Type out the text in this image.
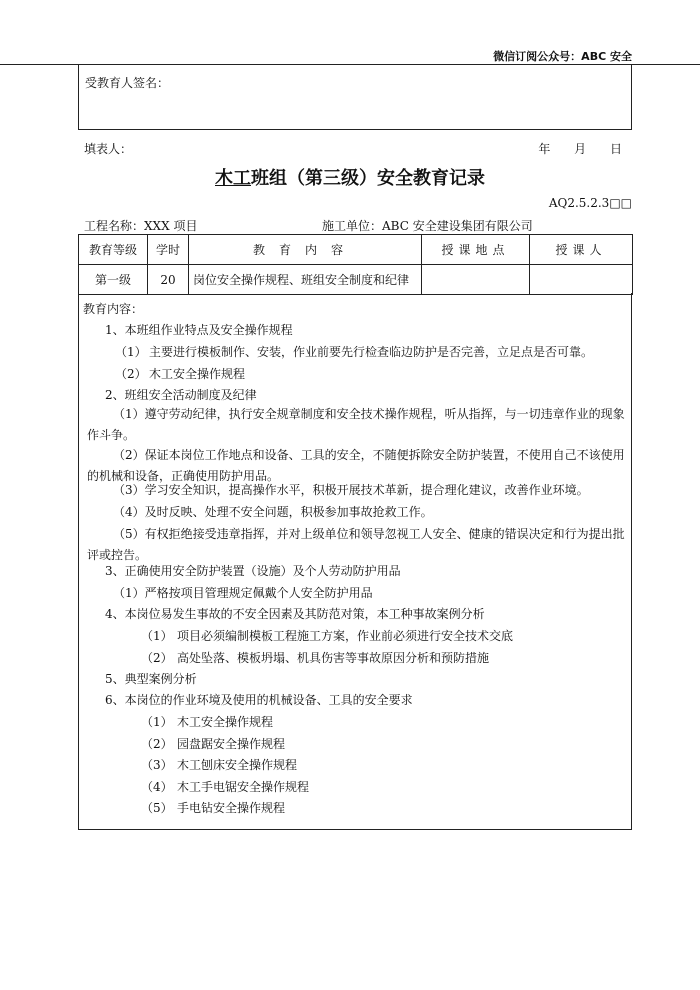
微信订阅公众号：ABC 安全
受教育人签名：
填表人：	年 月 日
木工班组（第三级）安全教育记录
AQ2.5.2.3□□
工程名称：XXX 项目	施工单位：ABC 安全建设集团有限公司
教育等级	学时	教育内容	授课地点	授课人
第一级	20	岗位安全操作规程、班组安全制度和纪律		
教育内容：
1、本班组作业特点及安全操作规程
（1） 主要进行模板制作、安装，作业前要先行检查临边防护是否完善，立足点是否可靠。
（2） 木工安全操作规程
2、班组安全活动制度及纪律
（1）遵守劳动纪律，执行安全规章制度和安全技术操作规程，听从指挥，与一切违章作业的现象作斗争。
（2）保证本岗位工作地点和设备、工具的安全，不随便拆除安全防护装置，不使用自己不该使用的机械和设备，正确使用防护用品。
（3）学习安全知识，提高操作水平，积极开展技术革新，提合理化建议，改善作业环境。
（4）及时反映、处理不安全问题，积极参加事故抢救工作。
（5）有权拒绝接受违章指挥，并对上级单位和领导忽视工人安全、健康的错误决定和行为提出批评或控告。
3、正确使用安全防护装置（设施）及个人劳动防护用品
（1）严格按项目管理规定佩戴个人安全防护用品
4、本岗位易发生事故的不安全因素及其防范对策，本工种事故案例分析
（1） 项目必须编制模板工程施工方案，作业前必须进行安全技术交底
（2） 高处坠落、模板坍塌、机具伤害等事故原因分析和预防措施
5、典型案例分析
6、本岗位的作业环境及使用的机械设备、工具的安全要求
（1） 木工安全操作规程
（2） 园盘踞安全操作规程
（3） 木工刨床安全操作规程
（4） 木工手电锯安全操作规程
（5） 手电钻安全操作规程
